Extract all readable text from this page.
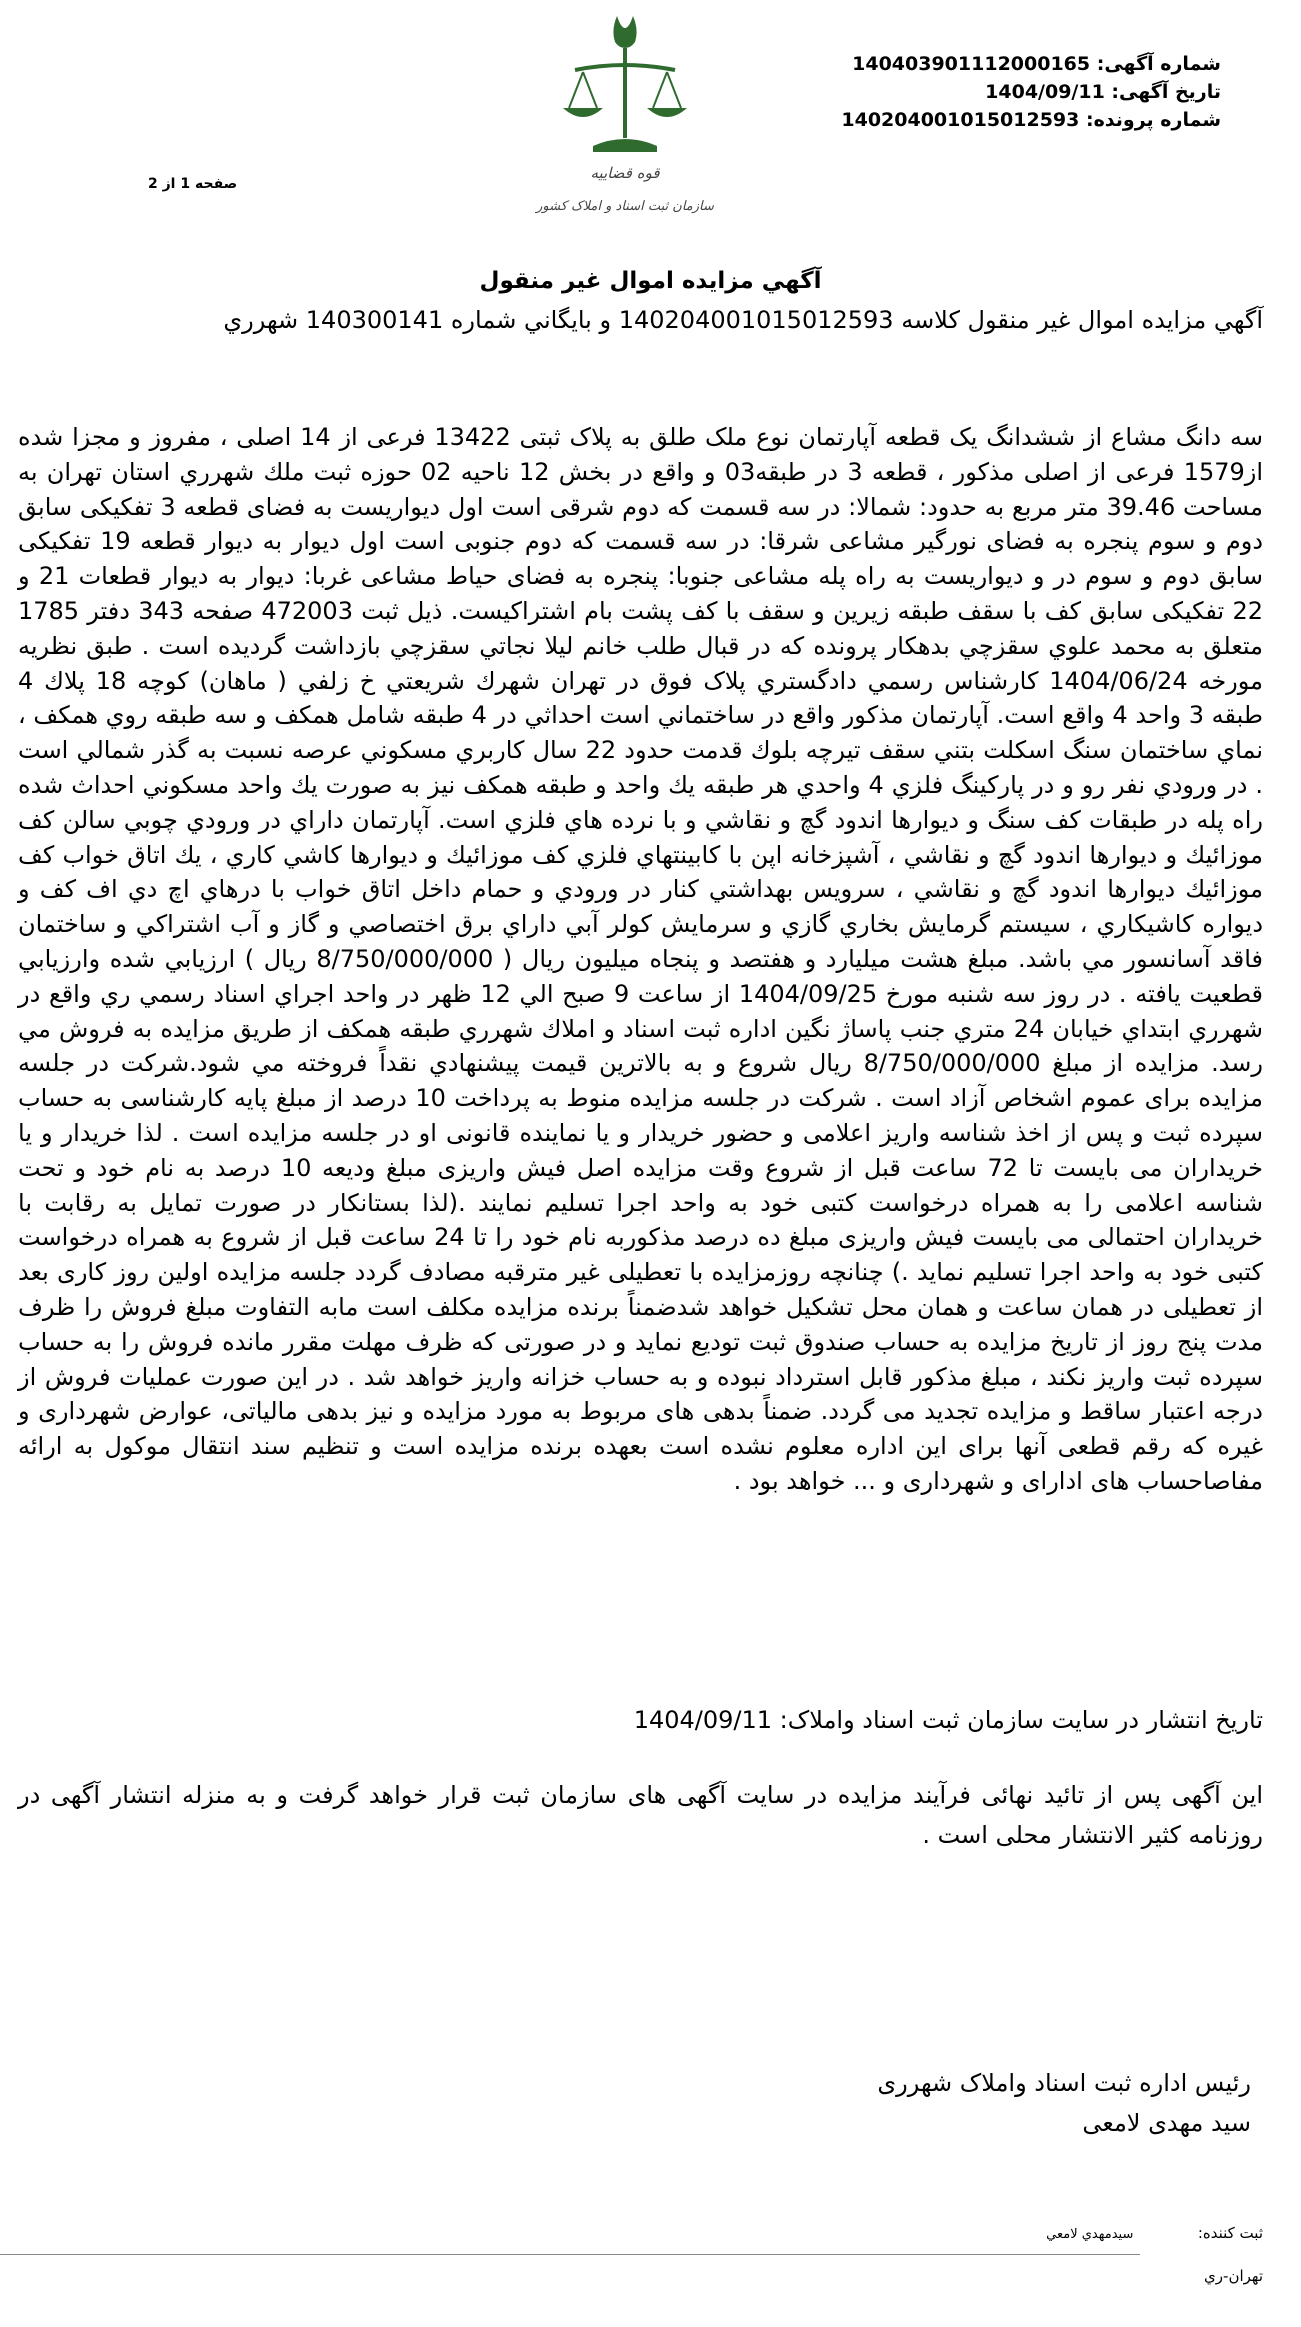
شماره آگهی: 140403901112000165
تاریخ آگهی: 1404/09/11
شماره پرونده: 140204001015012593
صفحه 1 از 2
قوه قضاییه
سازمان ثبت اسناد و املاک کشور
آگهي مزايده اموال غير منقول
آگهي مزايده اموال غير منقول كلاسه 140204001015012593 و بايگاني شماره 140300141 شهرري
سه دانگ مشاع از ششدانگ یک قطعه آپارتمان نوع ملک طلق به پلاک ثبتی 13422 فرعی از 14 اصلی ، مفروز و مجزا شده از1579 فرعی از اصلی مذکور ، قطعه 3 در طبقه03 و واقع در بخش 12 ناحیه 02 حوزه ثبت ملك شهرري استان تهران به مساحت 39.46 متر مربع به حدود: شمالا: در سه قسمت که دوم شرقی است اول دیواریست به فضای قطعه 3 تفکیکی سابق دوم و سوم پنجره به فضای نورگیر مشاعی شرقا: در سه قسمت که دوم جنوبی است اول دیوار به دیوار قطعه 19 تفکیکی سابق دوم و سوم در و دیواریست به راه پله مشاعی جنوبا: پنجره به فضای حیاط مشاعی غربا: دیوار به دیوار قطعات 21 و 22 تفکیکی سابق کف با سقف طبقه زیرین و سقف با کف پشت بام اشتراکیست. ذیل ثبت 472003 صفحه 343 دفتر 1785 متعلق به محمد علوي سقزچي بدهكار پرونده كه در قبال طلب خانم ليلا نجاتي سقزچي بازداشت گرديده است . طبق نظريه مورخه 1404/06/24 كارشناس رسمي دادگستري پلاک فوق در تهران شهرك شريعتي خ زلفي ( ماهان) كوچه 18 پلاك 4 طبقه 3 واحد 4 واقع است. آپارتمان مذكور واقع در ساختماني است احداثي در 4 طبقه شامل همكف و سه طبقه روي همكف ، نماي ساختمان سنگ اسكلت بتني سقف تيرچه بلوك قدمت حدود 22 سال كاربري مسكوني عرصه نسبت به گذر شمالي است . در ورودي نفر رو و در پاركينگ فلزي 4 واحدي هر طبقه يك واحد و طبقه همكف نيز به صورت يك واحد مسكوني احداث شده راه پله در طبقات كف سنگ و ديوارها اندود گچ و نقاشي و با نرده هاي فلزي است. آپارتمان داراي در ورودي چوبي سالن كف موزائيك و ديوارها اندود گچ و نقاشي ، آشپزخانه اپن با كابينتهاي فلزي كف موزائيك و ديوارها كاشي كاري ، يك اتاق خواب كف موزائيك ديوارها اندود گچ و نقاشي ، سرويس بهداشتي كنار در ورودي و حمام داخل اتاق خواب با درهاي اچ دي اف كف و ديواره كاشيكاري ، سيستم گرمايش بخاري گازي و سرمايش كولر آبي داراي برق اختصاصي و گاز و آب اشتراكي و ساختمان فاقد آسانسور مي باشد. مبلغ هشت ميليارد و هفتصد و پنجاه ميليون ريال ( 8/750/000/000 ريال ) ارزيابي شده وارزيابي قطعيت يافته . در روز سه شنبه مورخ 1404/09/25 از ساعت 9 صبح الي 12 ظهر در واحد اجراي اسناد رسمي ري واقع در شهرري ابتداي خيابان 24 متري جنب پاساژ نگين اداره ثبت اسناد و املاك شهرري طبقه همكف از طريق مزايده به فروش مي رسد. مزايده از مبلغ 8/750/000/000 ريال شروع و به بالاترين قيمت پيشنهادي نقداً فروخته مي شود.شرکت در جلسه مزایده برای عموم اشخاص آزاد است . شرکت در جلسه مزایده منوط به پرداخت 10 درصد از مبلغ پایه کارشناسی به حساب سپرده ثبت و پس از اخذ شناسه واریز اعلامی و حضور خریدار و یا نماینده قانونی او در جلسه مزایده است . لذا خریدار و یا خریداران می بایست تا 72 ساعت قبل از شروع وقت مزایده اصل فیش واریزی مبلغ ودیعه 10 درصد به نام خود و تحت شناسه اعلامی را به همراه درخواست کتبی خود به واحد اجرا تسلیم نمایند .(لذا بستانکار در صورت تمایل به رقابت با خریداران احتمالی می بایست فیش واریزی مبلغ ده درصد مذکوربه نام خود را تا 24 ساعت قبل از شروع به همراه درخواست کتبی خود به واحد اجرا تسلیم نماید .) چنانچه روزمزایده با تعطیلی غیر مترقبه مصادف گردد جلسه مزایده اولین روز کاری بعد از تعطیلی در همان ساعت و همان محل تشکیل خواهد شدضمناً برنده مزایده مکلف است مابه التفاوت مبلغ فروش را ظرف مدت پنج روز از تاریخ مزایده به حساب صندوق ثبت تودیع نماید و در صورتی که ظرف مهلت مقرر مانده فروش را به حساب سپرده ثبت واریز نکند ، مبلغ مذکور قابل استرداد نبوده و به حساب خزانه واریز خواهد شد . در این صورت عملیات فروش از درجه اعتبار ساقط و مزایده تجدید می گردد. ضمناً بدهی های مربوط به مورد مزایده و نیز بدهی مالیاتی، عوارض شهرداری و غیره که رقم قطعی آنها برای این اداره معلوم نشده است بعهده برنده مزایده است و تنظیم سند انتقال موکول به ارائه مفاصاحساب های ادارای و شهرداری و ... خواهد بود .
تاریخ انتشار در سایت سازمان ثبت اسناد واملاک: 1404/09/11
این آگهی پس از تائید نهائی فرآیند مزایده در سایت آگهی های سازمان ثبت قرار خواهد گرفت و به منزله انتشار آگهی در روزنامه کثیر الانتشار محلی است .
رئیس اداره ثبت اسناد واملاک شهرری
سید مهدی لامعی
ثبت کننده: سيدمهدي لامعي
تهران-ري
